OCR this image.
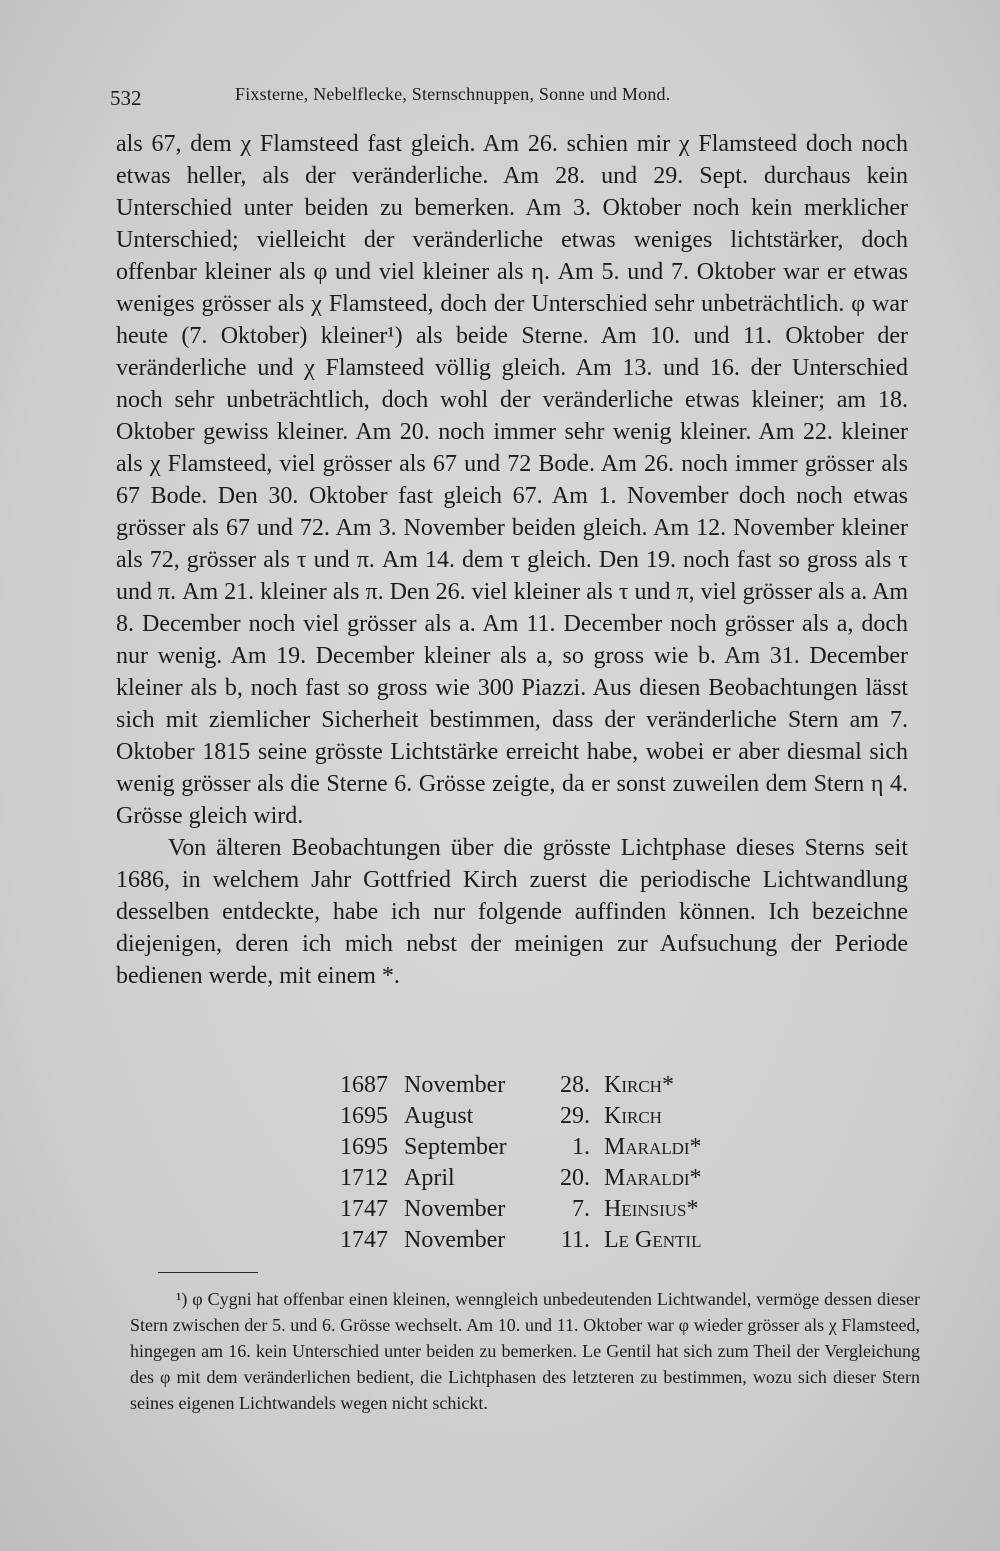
532	Fixsterne, Nebelflecke, Sternschnuppen, Sonne und Mond.

als 67, dem χ Flamsteed fast gleich. Am 26. schien mir χ Flamsteed doch noch etwas heller, als der veränderliche. Am 28. und 29. Sept. durchaus kein Unterschied unter beiden zu bemerken. Am 3. Oktober noch kein merklicher Unterschied; vielleicht der veränderliche etwas weniges lichtstärker, doch offenbar kleiner als φ und viel kleiner als η. Am 5. und 7. Oktober war er etwas weniges grösser als χ Flamsteed, doch der Unterschied sehr unbeträchtlich. φ war heute (7. Oktober) kleiner¹) als beide Sterne. Am 10. und 11. Oktober der veränderliche und χ Flamsteed völlig gleich. Am 13. und 16. der Unterschied noch sehr unbeträchtlich, doch wohl der veränderliche etwas kleiner; am 18. Oktober gewiss kleiner. Am 20. noch immer sehr wenig kleiner. Am 22. kleiner als χ Flamsteed, viel grösser als 67 und 72 Bode. Am 26. noch immer grösser als 67 Bode. Den 30. Oktober fast gleich 67. Am 1. November doch noch etwas grösser als 67 und 72. Am 3. November beiden gleich. Am 12. November kleiner als 72, grösser als τ und π. Am 14. dem τ gleich. Den 19. noch fast so gross als τ und π. Am 21. kleiner als π. Den 26. viel kleiner als τ und π, viel grösser als a. Am 8. December noch viel grösser als a. Am 11. December noch grösser als a, doch nur wenig. Am 19. December kleiner als a, so gross wie b. Am 31. December kleiner als b, noch fast so gross wie 300 Piazzi. Aus diesen Beobachtungen lässt sich mit ziemlicher Sicherheit bestimmen, dass der veränderliche Stern am 7. Oktober 1815 seine grösste Lichtstärke erreicht habe, wobei er aber diesmal sich wenig grösser als die Sterne 6. Grösse zeigte, da er sonst zuweilen dem Stern η 4. Grösse gleich wird.

Von älteren Beobachtungen über die grösste Lichtphase dieses Sterns seit 1686, in welchem Jahr Gottfried Kirch zuerst die periodische Lichtwandlung desselben entdeckte, habe ich nur folgende auffinden können. Ich bezeichne diejenigen, deren ich mich nebst der meinigen zur Aufsuchung der Periode bedienen werde, mit einem *.

1687 November	28. Kirch*
1695 August	29. Kirch
1695 September	1. Maraldi*
1712 April	20. Maraldi*
1747 November	7. Heinsius*
1747 November	11. Le Gentil

¹) φ Cygni hat offenbar einen kleinen, wenngleich unbedeutenden Lichtwandel, vermöge dessen dieser Stern zwischen der 5. und 6. Grösse wechselt. Am 10. und 11. Oktober war φ wieder grösser als χ Flamsteed, hingegen am 16. kein Unterschied unter beiden zu bemerken. Le Gentil hat sich zum Theil der Vergleichung des φ mit dem veränderlichen bedient, die Lichtphasen des letzteren zu bestimmen, wozu sich dieser Stern seines eigenen Lichtwandels wegen nicht schickt.
